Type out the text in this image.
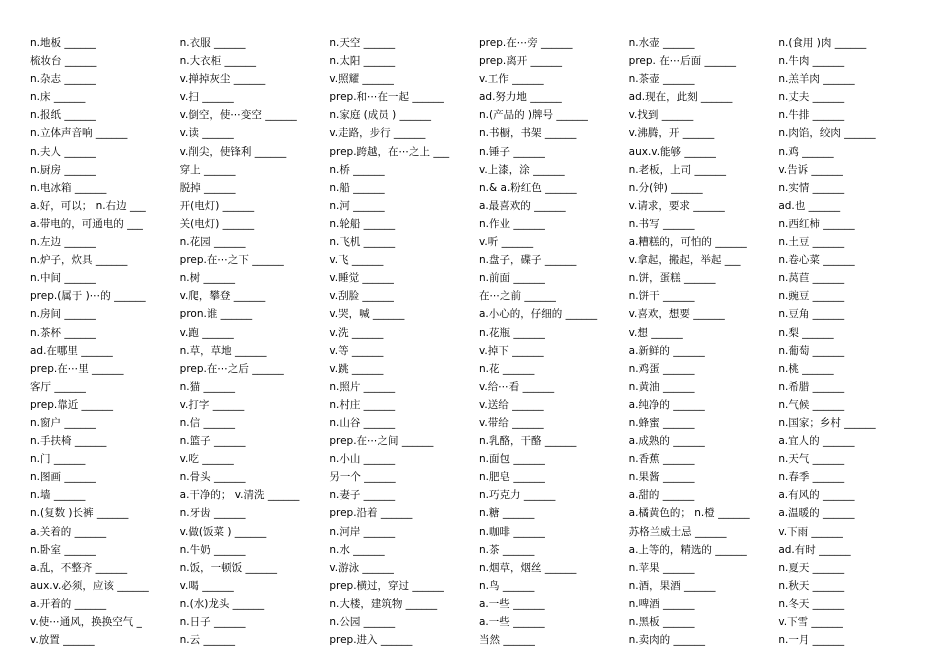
n.地板 ______
梳妆台 ______
n.杂志 ______
n.床 ______
n.报纸 ______
n.立体声音响 ______
n.夫人 ______
n.厨房 ______
n.电冰箱 ______
a.好，可以； n.右边 ___
a.带电的，可通电的 ___
n.左边 ______
n.炉子，炊具 ______
n.中间 ______
prep.(属于 )⋯的 ______
n.房间 ______
n.茶杯 ______
ad.在哪里 ______
prep.在⋯里 ______
客厅 ______
prep.靠近 ______
n.窗户 ______
n.手扶椅 ______
n.门 ______
n.图画 ______
n.墙 ______
n.(复数 )长裤 ______
a.关着的 ______
n.卧室 ______
a.乱，不整齐 ______
aux.v.必须，应该 ______
a.开着的 ______
v.使⋯通风，换换空气 _
v.放置 ______
n.衣服 ______
n.大衣柜 ______
v.掸掉灰尘 ______
v.扫 ______
v.倒空，使⋯变空 ______
v.读 ______
v.削尖，使锋利 ______
穿上 ______
脱掉 ______
开(电灯) ______
关(电灯) ______
n.花园 ______
prep.在⋯之下 ______
n.树 ______
v.爬，攀登 ______
pron.谁 ______
v.跑 ______
n.草，草地 ______
prep.在⋯之后 ______
n.猫 ______
v.打字 ______
n.信 ______
n.篮子 ______
v.吃 ______
n.骨头 ______
a.干净的； v.清洗 ______
n.牙齿 ______
v.做(饭菜 ) ______
n.牛奶 ______
n.饭，一顿饭 ______
v.喝 ______
n.(水)龙头 ______
n.日子 ______
n.云 ______
n.天空 ______
n.太阳 ______
v.照耀 ______
prep.和⋯在一起 ______
n.家庭 (成员 ) ______
v.走路，步行 ______
prep.跨越，在⋯之上 ___
n.桥 ______
n.船 ______
n.河 ______
n.轮船 ______
n.飞机 ______
v.飞 ______
v.睡觉 ______
v.刮脸 ______
v.哭，喊 ______
v.洗 ______
v.等 ______
v.跳 ______
n.照片 ______
n.村庄 ______
n.山谷 ______
prep.在⋯之间 ______
n.小山 ______
另一个 ______
n.妻子 ______
prep.沿着 ______
n.河岸 ______
n.水 ______
v.游泳 ______
prep.横过，穿过 ______
n.大楼，建筑物 ______
n.公园 ______
prep.进入 ______
prep.在⋯旁 ______
prep.离开 ______
v.工作 ______
ad.努力地 ______
n.(产品的 )牌号 ______
n.书橱，书架 ______
n.锤子 ______
v.上漆，涂 ______
n.& a.粉红色 ______
a.最喜欢的 ______
n.作业 ______
v.听 ______
n.盘子，碟子 ______
n.前面 ______
在⋯之前 ______
a.小心的，仔细的 ______
n.花瓶 ______
v.掉下 ______
n.花 ______
v.给⋯看 ______
v.送给 ______
v.带给 ______
n.乳酪，干酪 ______
n.面包 ______
n.肥皂 ______
n.巧克力 ______
n.糖 ______
n.咖啡 ______
n.茶 ______
n.烟草，烟丝 ______
n.鸟 ______
a.一些 ______
a.一些 ______
当然 ______
n.水壶 ______
prep. 在⋯后面 ______
n.茶壶 ______
ad.现在，此刻 ______
v.找到 ______
v.沸腾，开 ______
aux.v.能够 ______
n.老板，上司 ______
n.分(钟) ______
v.请求，要求 ______
n.书写 ______
a.糟糕的，可怕的 ______
v.拿起，搬起，举起 ___
n.饼，蛋糕 ______
n.饼干 ______
v.喜欢，想要 ______
v.想 ______
a.新鲜的 ______
n.鸡蛋 ______
n.黄油 ______
a.纯净的 ______
n.蜂蜜 ______
a.成熟的 ______
n.香蕉 ______
n.果酱 ______
a.甜的 ______
a.橘黄色的； n.橙 ______
苏格兰威士忌 ______
a.上等的，精选的 ______
n.苹果 ______
n.酒，果酒 ______
n.啤酒 ______
n.黑板 ______
n.卖肉的 ______
n.(食用 )肉 ______
n.牛肉 ______
n.羔羊肉 ______
n.丈夫 ______
n.牛排 ______
n.肉馅，绞肉 ______
n.鸡 ______
v.告诉 ______
n.实情 ______
ad.也 ______
n.西红柿 ______
n.土豆 ______
n.卷心菜 ______
n.莴苣 ______
n.豌豆 ______
n.豆角 ______
n.梨 ______
n.葡萄 ______
n.桃 ______
n.希腊 ______
n.气候 ______
n.国家；乡村 ______
a.宜人的 ______
n.天气 ______
n.春季 ______
a.有风的 ______
a.温暖的 ______
v.下雨 ______
ad.有时 ______
n.夏天 ______
n.秋天 ______
n.冬天 ______
v.下雪 ______
n.一月 ______
